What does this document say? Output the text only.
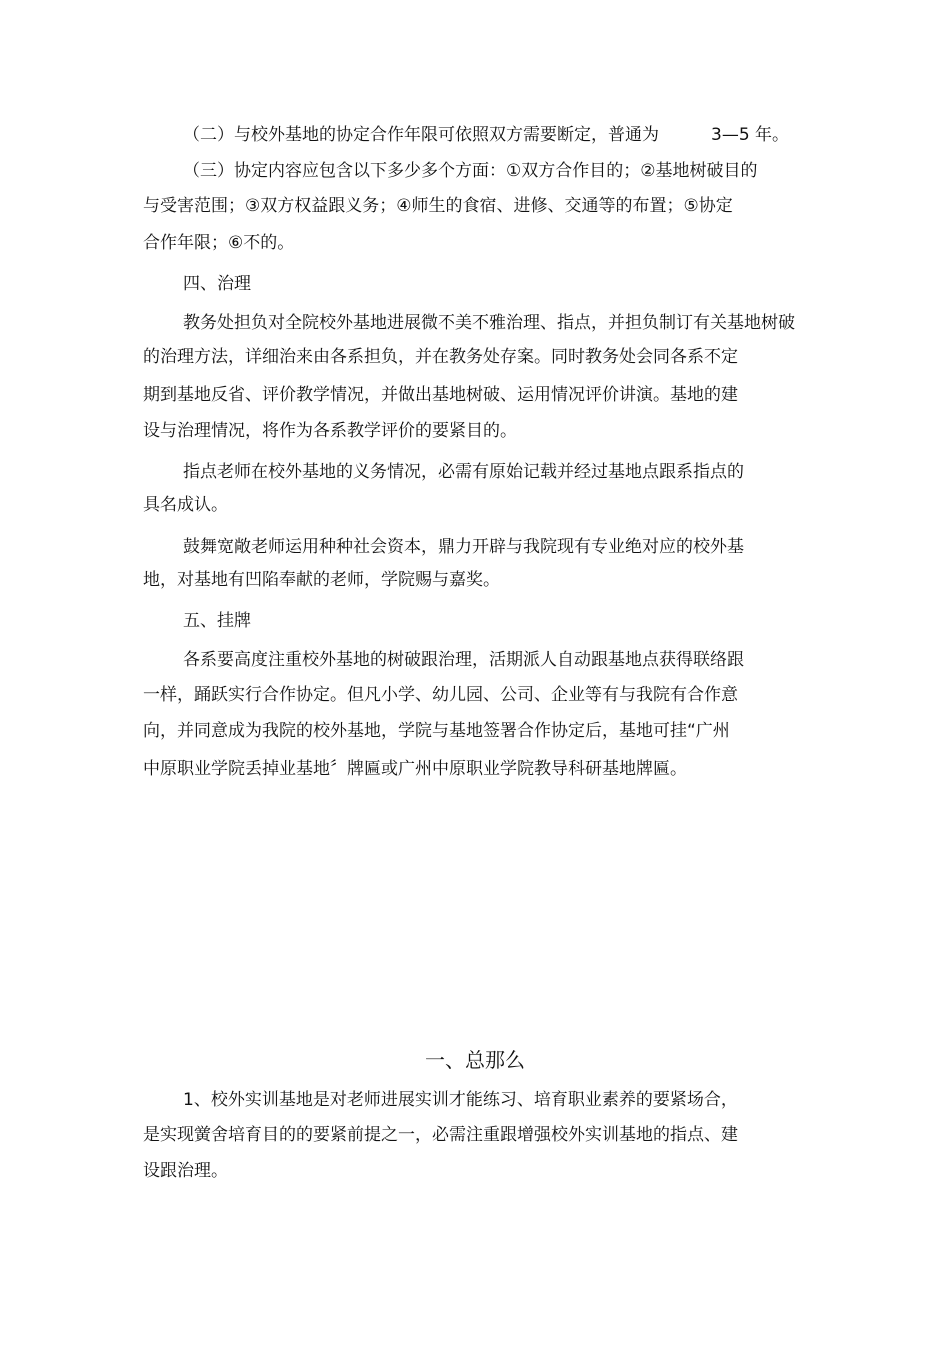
（二）与校外基地的协定合作年限可依照双方需要断定，普通为	3—5 年。
（三）协定内容应包含以下多少多个方面：①双方合作目的；②基地树破目的
与受害范围；③双方权益跟义务；④师生的食宿、进修、交通等的布置；⑤协定
合作年限；⑥不的。
四、治理
教务处担负对全院校外基地进展微不美不雅治理、指点，并担负制订有关基地树破
的治理方法，详细治来由各系担负，并在教务处存案。同时教务处会同各系不定
期到基地反省、评价教学情况，并做出基地树破、运用情况评价讲演。基地的建
设与治理情况，将作为各系教学评价的要紧目的。
指点老师在校外基地的义务情况，必需有原始记载并经过基地点跟系指点的
具名成认。
鼓舞宽敞老师运用种种社会资本，鼎力开辟与我院现有专业绝对应的校外基
地，对基地有凹陷奉献的老师，学院赐与嘉奖。
五、挂牌
各系要高度注重校外基地的树破跟治理，活期派人自动跟基地点获得联络跟
一样，踊跃实行合作协定。但凡小学、幼儿园、公司、企业等有与我院有合作意
向，并同意成为我院的校外基地，学院与基地签署合作协定后，基地可挂“广州
中原职业学院丢掉业基地〞牌匾或广州中原职业学院教导科研基地牌匾。
一、总那么
1、校外实训基地是对老师进展实训才能练习、培育职业素养的要紧场合，
是实现黉舍培育目的的要紧前提之一，必需注重跟增强校外实训基地的指点、建
设跟治理。
